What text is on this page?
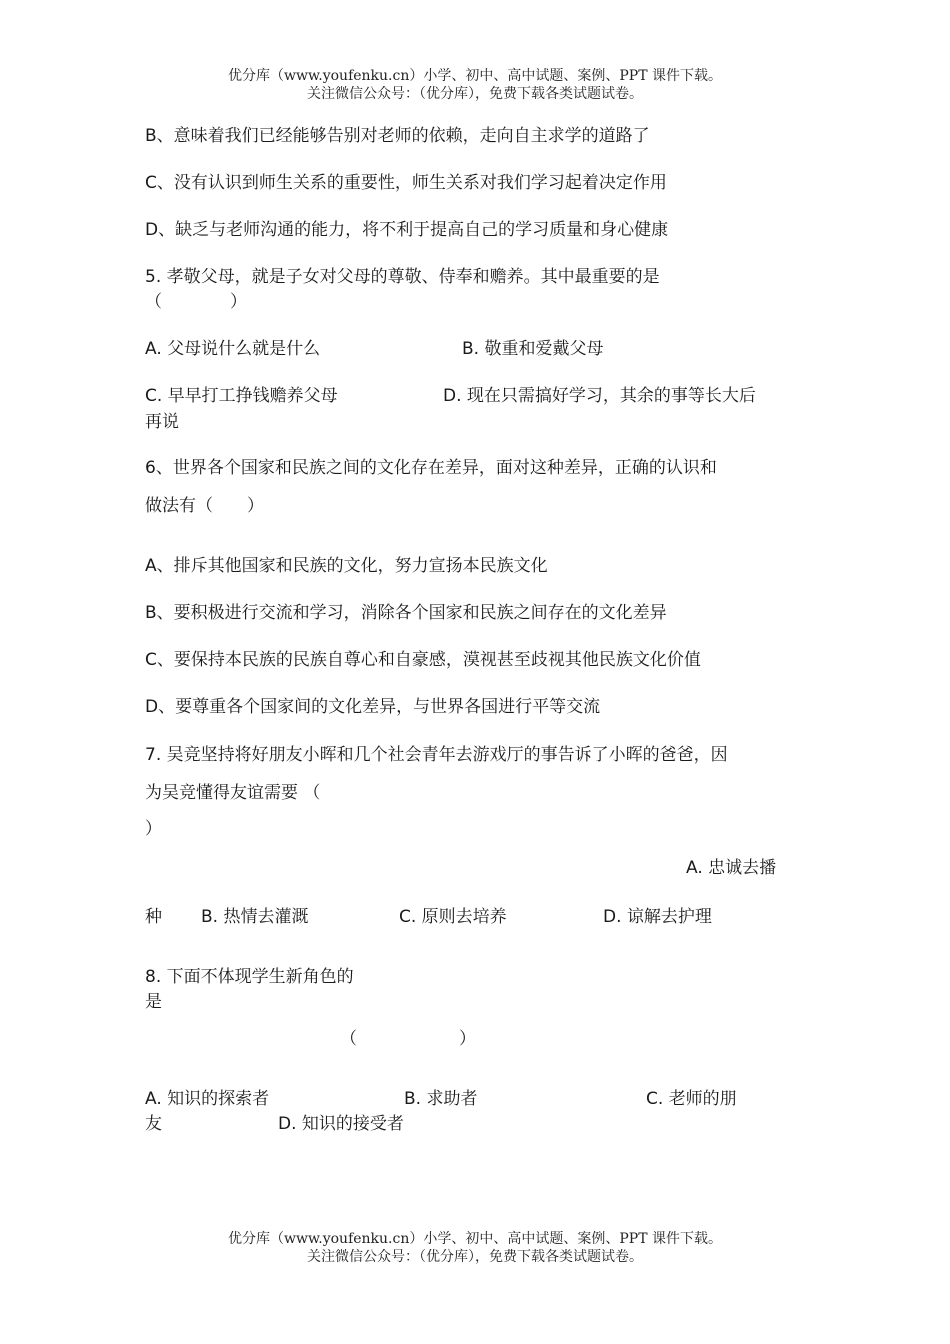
优分库（www.youfenku.cn）小学、初中、高中试题、案例、PPT 课件下载。
关注微信公众号：（优分库），免费下载各类试题试卷。
B、意味着我们已经能够告别对老师的依赖，走向自主求学的道路了
C、没有认识到师生关系的重要性，师生关系对我们学习起着决定作用
D、缺乏与老师沟通的能力，将不利于提高自己的学习质量和身心健康
5. 孝敬父母，就是子女对父母的尊敬、侍奉和赡养。其中最重要的是
（　　　　）
A. 父母说什么就是什么	B. 敬重和爱戴父母
C. 早早打工挣钱赡养父母	D. 现在只需搞好学习，其余的事等长大后
再说
6、世界各个国家和民族之间的文化存在差异，面对这种差异，正确的认识和
做法有（　　）
A、排斥其他国家和民族的文化，努力宣扬本民族文化
B、要积极进行交流和学习，消除各个国家和民族之间存在的文化差异
C、要保持本民族的民族自尊心和自豪感，漠视甚至歧视其他民族文化价值
D、要尊重各个国家间的文化差异，与世界各国进行平等交流
7. 吴竞坚持将好朋友小晖和几个社会青年去游戏厅的事告诉了小晖的爸爸，因
为吴竞懂得友谊需要 （
）
A. 忠诚去播
种 B. 热情去灌溉	C. 原则去培养	D. 谅解去护理
8. 下面不体现学生新角色的
是
（　　　　　　）
A. 知识的探索者	B. 求助者	C. 老师的朋
友	D. 知识的接受者
优分库（www.youfenku.cn）小学、初中、高中试题、案例、PPT 课件下载。
关注微信公众号：（优分库），免费下载各类试题试卷。
